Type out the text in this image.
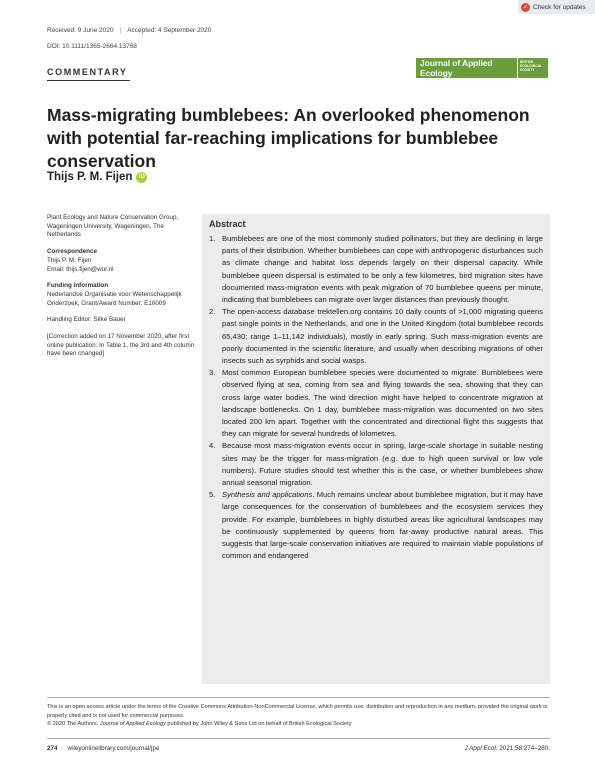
✓ Check for updates
Received: 9 June 2020 | Accepted: 4 September 2020
DOI: 10.1111/1365-2664.13768
COMMENTARY
Journal of Applied Ecology
BRITISH ECOLOGICAL SOCIETY
Mass-migrating bumblebees: An overlooked phenomenon with potential far-reaching implications for bumblebee conservation
Thijs P. M. Fijen	iD
Plant Ecology and Nature Conservation Group, Wageningen University, Wageningen, The Netherlands
Correspondence
Thijs P. M. Fijen
Email: thijs.fijen@wur.nl
Funding information
Nederlandse Organisatie voor Wetenschappelijk Onderzoek, Grant/Award Number: E10009
Handling Editor: Silke Bauer
[Correction added on 17 November 2020, after first online publication: In Table 1, the 3rd and 4th column have been changed]
Abstract
1. Bumblebees are one of the most commonly studied pollinators, but they are declining in large parts of their distribution. Whether bumblebees can cope with anthropogenic disturbances such as climate change and habitat loss depends largely on their dispersal capacity. While bumblebee queen dispersal is estimated to be only a few kilometres, bird migration sites have documented mass-migration events with peak migration of 70 bumblebee queens per minute, indicating that bumblebees can migrate over larger distances than previously thought.
2. The open-access database trektellen.org contains 10 daily counts of >1,000 migrating queens past single points in the Netherlands, and one in the United Kingdom (total bumblebee records 65,430; range 1–11,142 individuals), mostly in early spring. Such mass-migration events are poorly documented in the scientific literature, and usually when describing migrations of other insects such as syrphids and social wasps.
3. Most common European bumblebee species were documented to migrate. Bumblebees were observed flying at sea, coming from sea and flying towards the sea, showing that they can cross large water bodies. The wind direction might have helped to concentrate migration at landscape bottlenecks. On 1 day, bumblebee mass-migration was documented on two sites located 200 km apart. Together with the concentrated and directional flight this suggests that they can migrate for several hundreds of kilometres.
4. Because most mass-migration events occur in spring, large-scale shortage in suitable nesting sites may be the trigger for mass-migration (e.g. due to high queen survival or low vole numbers). Future studies should test whether this is the case, or whether bumblebees show annual seasonal migration.
5. Synthesis and applications. Much remains unclear about bumblebee migration, but it may have large consequences for the conservation of bumblebees and the ecosystem services they provide. For example, bumblebees in highly disturbed areas like agricultural landscapes may be continuously supplemented by queens from far-away productive natural areas. This suggests that large-scale conservation initiatives are required to maintain viable populations of common and endangered
This is an open access article under the terms of the Creative Commons Attribution-NonCommercial License, which permits use, distribution and reproduction in any medium, provided the original work is properly cited and is not used for commercial purposes.
© 2020 The Authors. Journal of Applied Ecology published by John Wiley & Sons Ltd on behalf of British Ecological Society
274 wileyonlinelibrary.com/journal/jpe	J Appl Ecol. 2021;58:274–280.
